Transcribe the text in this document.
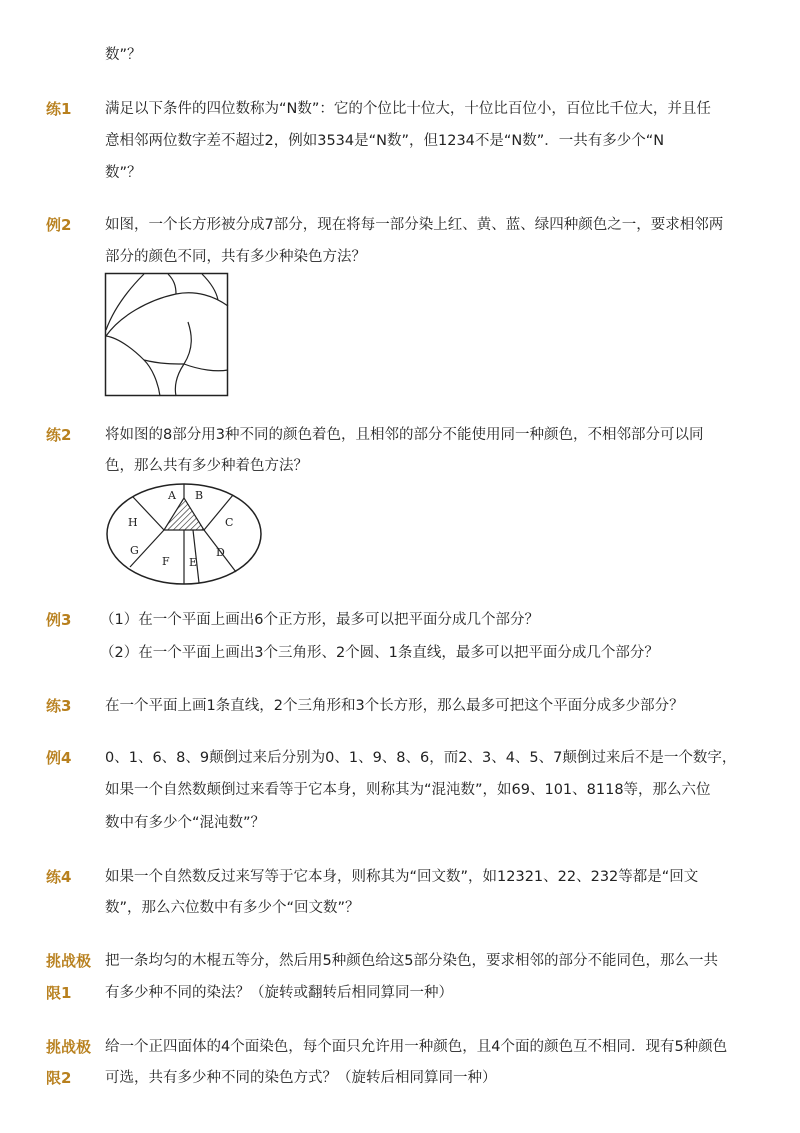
数”？
练1 满足以下条件的四位数称为“N数”：它的个位比十位大，十位比百位小，百位比千位大，并且任
意相邻两位数字差不超过2，例如3534是“N数”，但1234不是“N数”．一共有多少个“N
数”？
例2 如图，一个长方形被分成7部分，现在将每一部分染上红、黄、蓝、绿四种颜色之一，要求相邻两
部分的颜色不同，共有多少种染色方法？
练2 将如图的8部分用3种不同的颜色着色，且相邻的部分不能使用同一种颜色，不相邻部分可以同
色，那么共有多少种着色方法？
A B
C
D
E
F
G
H
例3 （1）在一个平面上画出6个正方形，最多可以把平面分成几个部分？
（2）在一个平面上画出3个三角形、2个圆、1条直线，最多可以把平面分成几个部分？
练3 在一个平面上画1条直线，2个三角形和3个长方形，那么最多可把这个平面分成多少部分？
例4 0、1、6、8、9颠倒过来后分别为0、1、9、8、6，而2、3、4、5、7颠倒过来后不是一个数字，
如果一个自然数颠倒过来看等于它本身，则称其为“混沌数”，如69、101、8118等，那么六位
数中有多少个“混沌数”？
练4 如果一个自然数反过来写等于它本身，则称其为“回文数”，如12321、22、232等都是“回文
数”，那么六位数中有多少个“回文数”？
挑战极
限1
把一条均匀的木棍五等分，然后用5种颜色给这5部分染色，要求相邻的部分不能同色，那么一共
有多少种不同的染法？（旋转或翻转后相同算同一种）
挑战极
限2
给一个正四面体的4个面染色，每个面只允许用一种颜色，且4个面的颜色互不相同．现有5种颜色
可选，共有多少种不同的染色方式？（旋转后相同算同一种）
